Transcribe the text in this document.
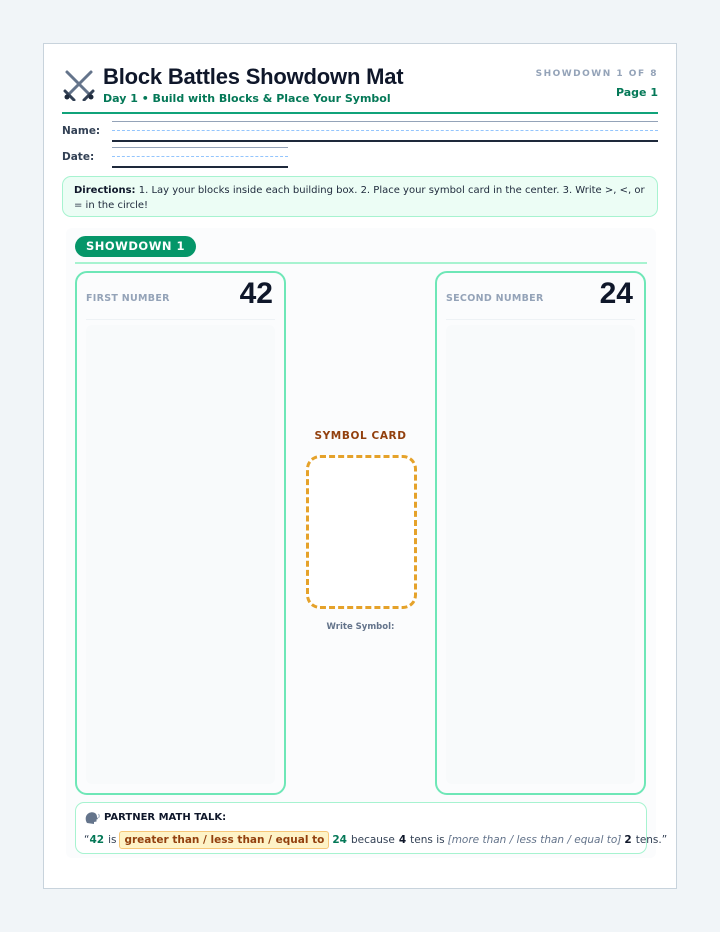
Block Battles Showdown Mat
Day 1 • Build with Blocks & Place Your Symbol
SHOWDOWN 1 OF 8
Page 1
Name:
Date:
Directions: 1. Lay your blocks inside each building box. 2. Place your symbol card in the center. 3. Write >, <, or = in the circle!
SHOWDOWN 1
FIRST NUMBER 42
SYMBOL CARD
Write Symbol:
SECOND NUMBER 24
PARTNER MATH TALK:
“ 42 is greater than / less than / equal to 24 because 4 tens is [more than / less than / equal to] 2 tens.”
